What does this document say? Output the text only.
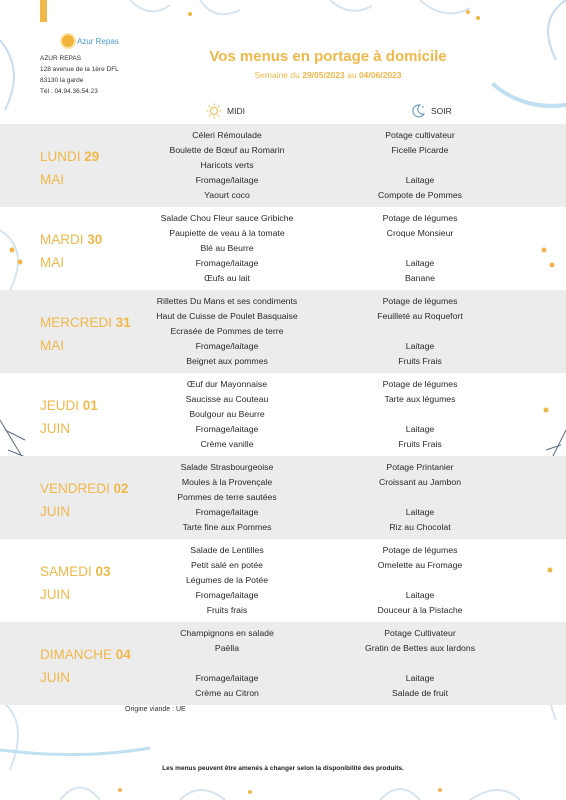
Azur Repas
AZUR REPAS
128 avenue de la 1ère DFL
83130 la garde
Tél : 04.94.36.54.23
Vos menus en portage à domicile
Semaine du 29/05/2023 au 04/06/2023
MIDI	SOIR
LUNDI 29
MAI
Céleri Rémoulade
Boulette de Bœuf au Romarin
Haricots verts
Fromage/laitage
Yaourt coco
Potage cultivateur
Ficelle Picarde
Laitage
Compote de Pommes
MARDI 30
MAI
Salade Chou Fleur sauce Gribiche
Paupiette de veau à la tomate
Blé au Beurre
Fromage/laitage
Œufs au lait
Potage de légumes
Croque Monsieur
Laitage
Banane
MERCREDI 31
MAI
Rillettes Du Mans et ses condiments
Haut de Cuisse de Poulet Basquaise
Ecrasée de Pommes de terre
Fromage/laitage
Beignet aux pommes
Potage de légumes
Feuilleté au Roquefort
Laitage
Fruits Frais
JEUDI 01
JUIN
Œuf dur Mayonnaise
Saucisse au Couteau
Boulgour au Beurre
Fromage/laitage
Crème vanille
Potage de légumes
Tarte aux légumes
Laitage
Fruits Frais
VENDREDI 02
JUIN
Salade Strasbourgeoise
Moules à la Provençale
Pommes de terre sautées
Fromage/laitage
Tarte fine aux Pommes
Potage Printanier
Croissant au Jambon
Laitage
Riz au Chocolat
SAMEDI 03
JUIN
Salade de Lentilles
Petit salé en potée
Légumes de la Potée
Fromage/laitage
Fruits frais
Potage de légumes
Omelette au Fromage
Laitage
Douceur à la Pistache
DIMANCHE 04
JUIN
Champignons en salade
Paëlla
Fromage/laitage
Crème au Citron
Potage Cultivateur
Gratin de Bettes aux lardons
Laitage
Salade de fruit
Origine viande : UE
Les menus peuvent être amenés à changer selon la disponibilité des produits.
